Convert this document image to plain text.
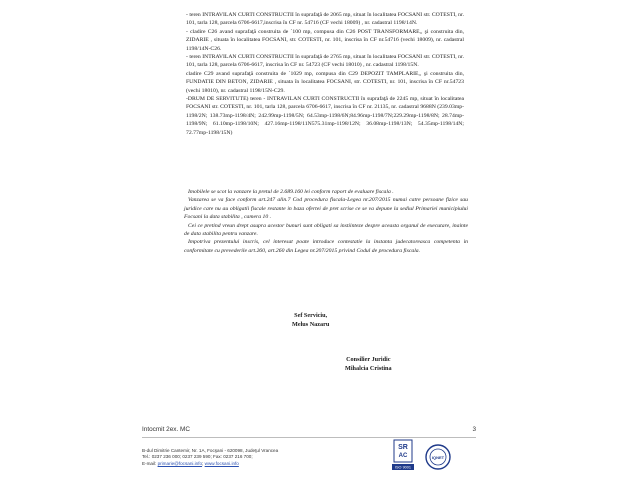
- teren INTRAVILAN CURTI CONSTRUCTII în suprafaţă de 2065 mp, situat în localitatea FOCSANI str. COTESTI, nr. 101, tarla 128, parcela 6706-6617,inscrisa în CF nr. 54716 (CF vechi 18009) , nr. cadastral 1198/14N.

- cladire C26 avand suprafaţă construita de `100 mp, compusa din C26 POST TRANSFORMARE,, şi construita din, ZIDARIE , situata în localitatea FOCSANI, str. COTESTI, nr. 101, inscrisa în CF nr.54716 (vechi 18009), nr. cadastral 1198/14N-C26.

- teren INTRAVILAN CURTI CONSTRUCTII în suprafaţă de 2765 mp, situat în localitatea FOCSANI str. COTESTI, nr. 101, tarla 128, parcela 6706-6617, inscrisa în CF nr. 54723 (CF vechi 18010) , nr. cadastral 1198/15N.

cladire C29 avand suprafaţă construita de `1029 mp, compusa din C29 DEPOZIT TAMPLARIE,, şi construita din, FUNDATIE DIN BETON, ZIDARIE , situata în localitatea FOCSANI, str. COTESTI, nr. 101, inscrisa în CF nr.54723 (vechi 18010), nr. cadastral 1198/15N-C29.

-DRUM DE SERVITUTE) teren - INTRAVILAN CURTI CONSTRUCTII în suprafaţă de 2245 mp, situat în localitatea FOCSANI str. COTESTI, nr. 101, tarla 128, parcela 6706-6617, inscrisa în CF nr. 21135, nr. cadastral 9688N (239.03mp-1198/2N; 138.73mp-1198/4N; 242.99mp-1198/5N; 64.53mp-1198/6N;84.96mp-1198/7N;229.29mp-1198/8N; 28.74mp-1198/9N; 61.10mp-1198/10N; 427.16mp-1198/11N575.31mp-1198/12N; 36.08mp-1198/13N; 54.35mp-1198/14N; 72.77mp-1198/15N)

Imobilele se scot la vanzare la pretul de 2.689.160 lei conform raport de evaluare fiscala .

Vanzarea se va face conform art.247 alin.7 Cod procedura fiscala-Legea nr.207/2015 numai catre persoane fizice sau juridice care nu au obligatii fiscale restante in baza ofertei de pret scrise ce se va depune la sediul Primariei municipiului Focsani la data stabilita , camera 10 .

Cei ce pretind vreun drept asupra acestor bunuri sunt obligati sa instiinteze despre aceasta organul de executare, inainte de data stabilita pentru vanzare.

Impotriva prezentului inscris, cel interesat poate introduce contestatie la instanta judecatoreasca competenta in conformitate cu prevederile art.260, art.260 din Legea nr.207/2015 privind Codul de procedura fiscala.

Sef Serviciu,
Melus Nazaru
Consilier Juridic
Mihalcia Cristina
Intocmit 2ex. MC	3
B-dul Dimitrie Cantemir, Nr. 1A, Focşani - 620098, Judeţul Vrancea
Tel.: 0237 236 000; 0237 239 590; Fax: 0237 216 700;
E-mail: primarie@focsani.info; www.focsani.info
SR
AC
ISO 9001
IQNET
